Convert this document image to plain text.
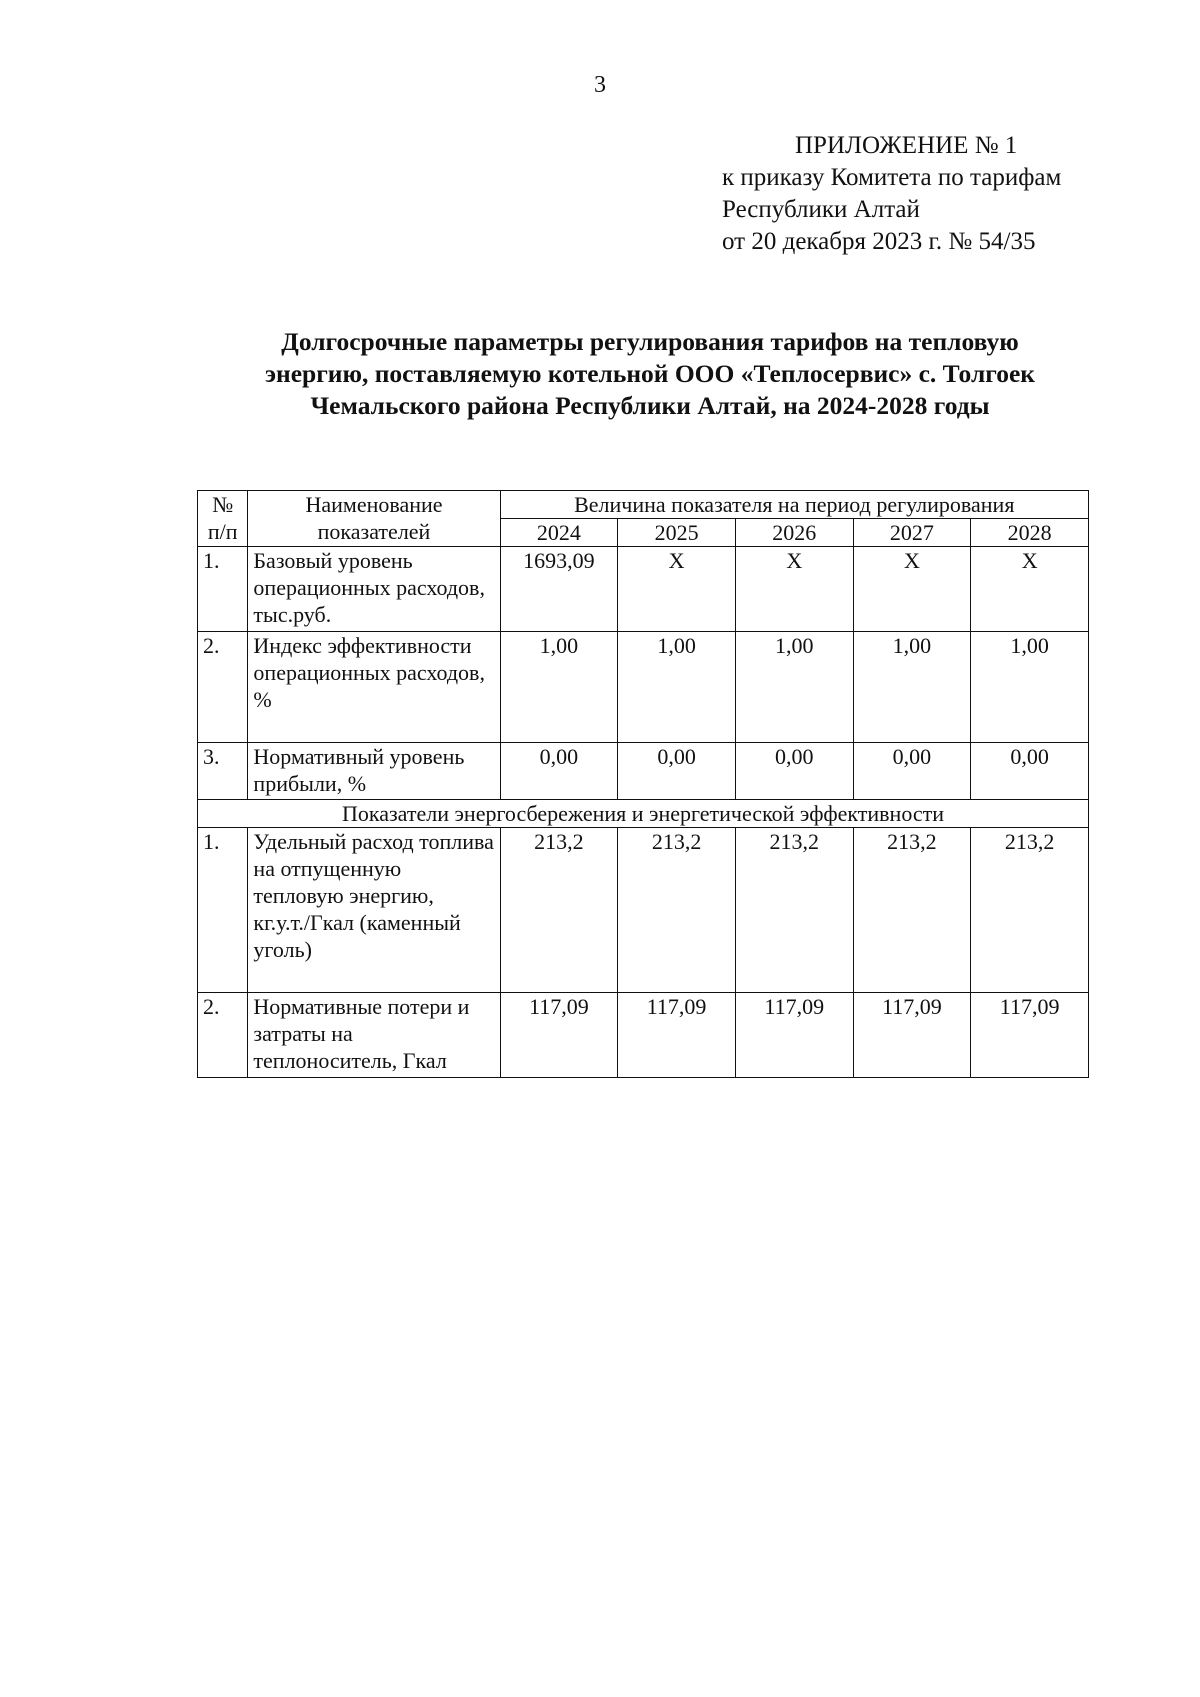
3
ПРИЛОЖЕНИЕ № 1
к приказу Комитета по тарифам
Республики Алтай
от 20 декабря 2023 г. № 54/35
Долгосрочные параметры регулирования тарифов на тепловую
энергию, поставляемую котельной ООО «Теплосервис» с. Толгоек
Чемальского района Республики Алтай, на 2024-2028 годы
№ п/п	Наименование показателей	Величина показателя на период регулирования				
		2024	2025	2026	2027	2028
1.	Базовый уровень операционных расходов, тыс.руб.	1693,09	X	X	X	X
2.	Индекс эффективности операционных расходов, %	1,00	1,00	1,00	1,00	1,00
3.	Нормативный уровень прибыли, %	0,00	0,00	0,00	0,00	0,00
Показатели энергосбережения и энергетической эффективности						
1.	Удельный расход топлива на отпущенную тепловую энергию, кг.у.т./Гкал (каменный уголь)	213,2	213,2	213,2	213,2	213,2
2.	Нормативные потери и затраты на теплоноситель, Гкал	117,09	117,09	117,09	117,09	117,09
